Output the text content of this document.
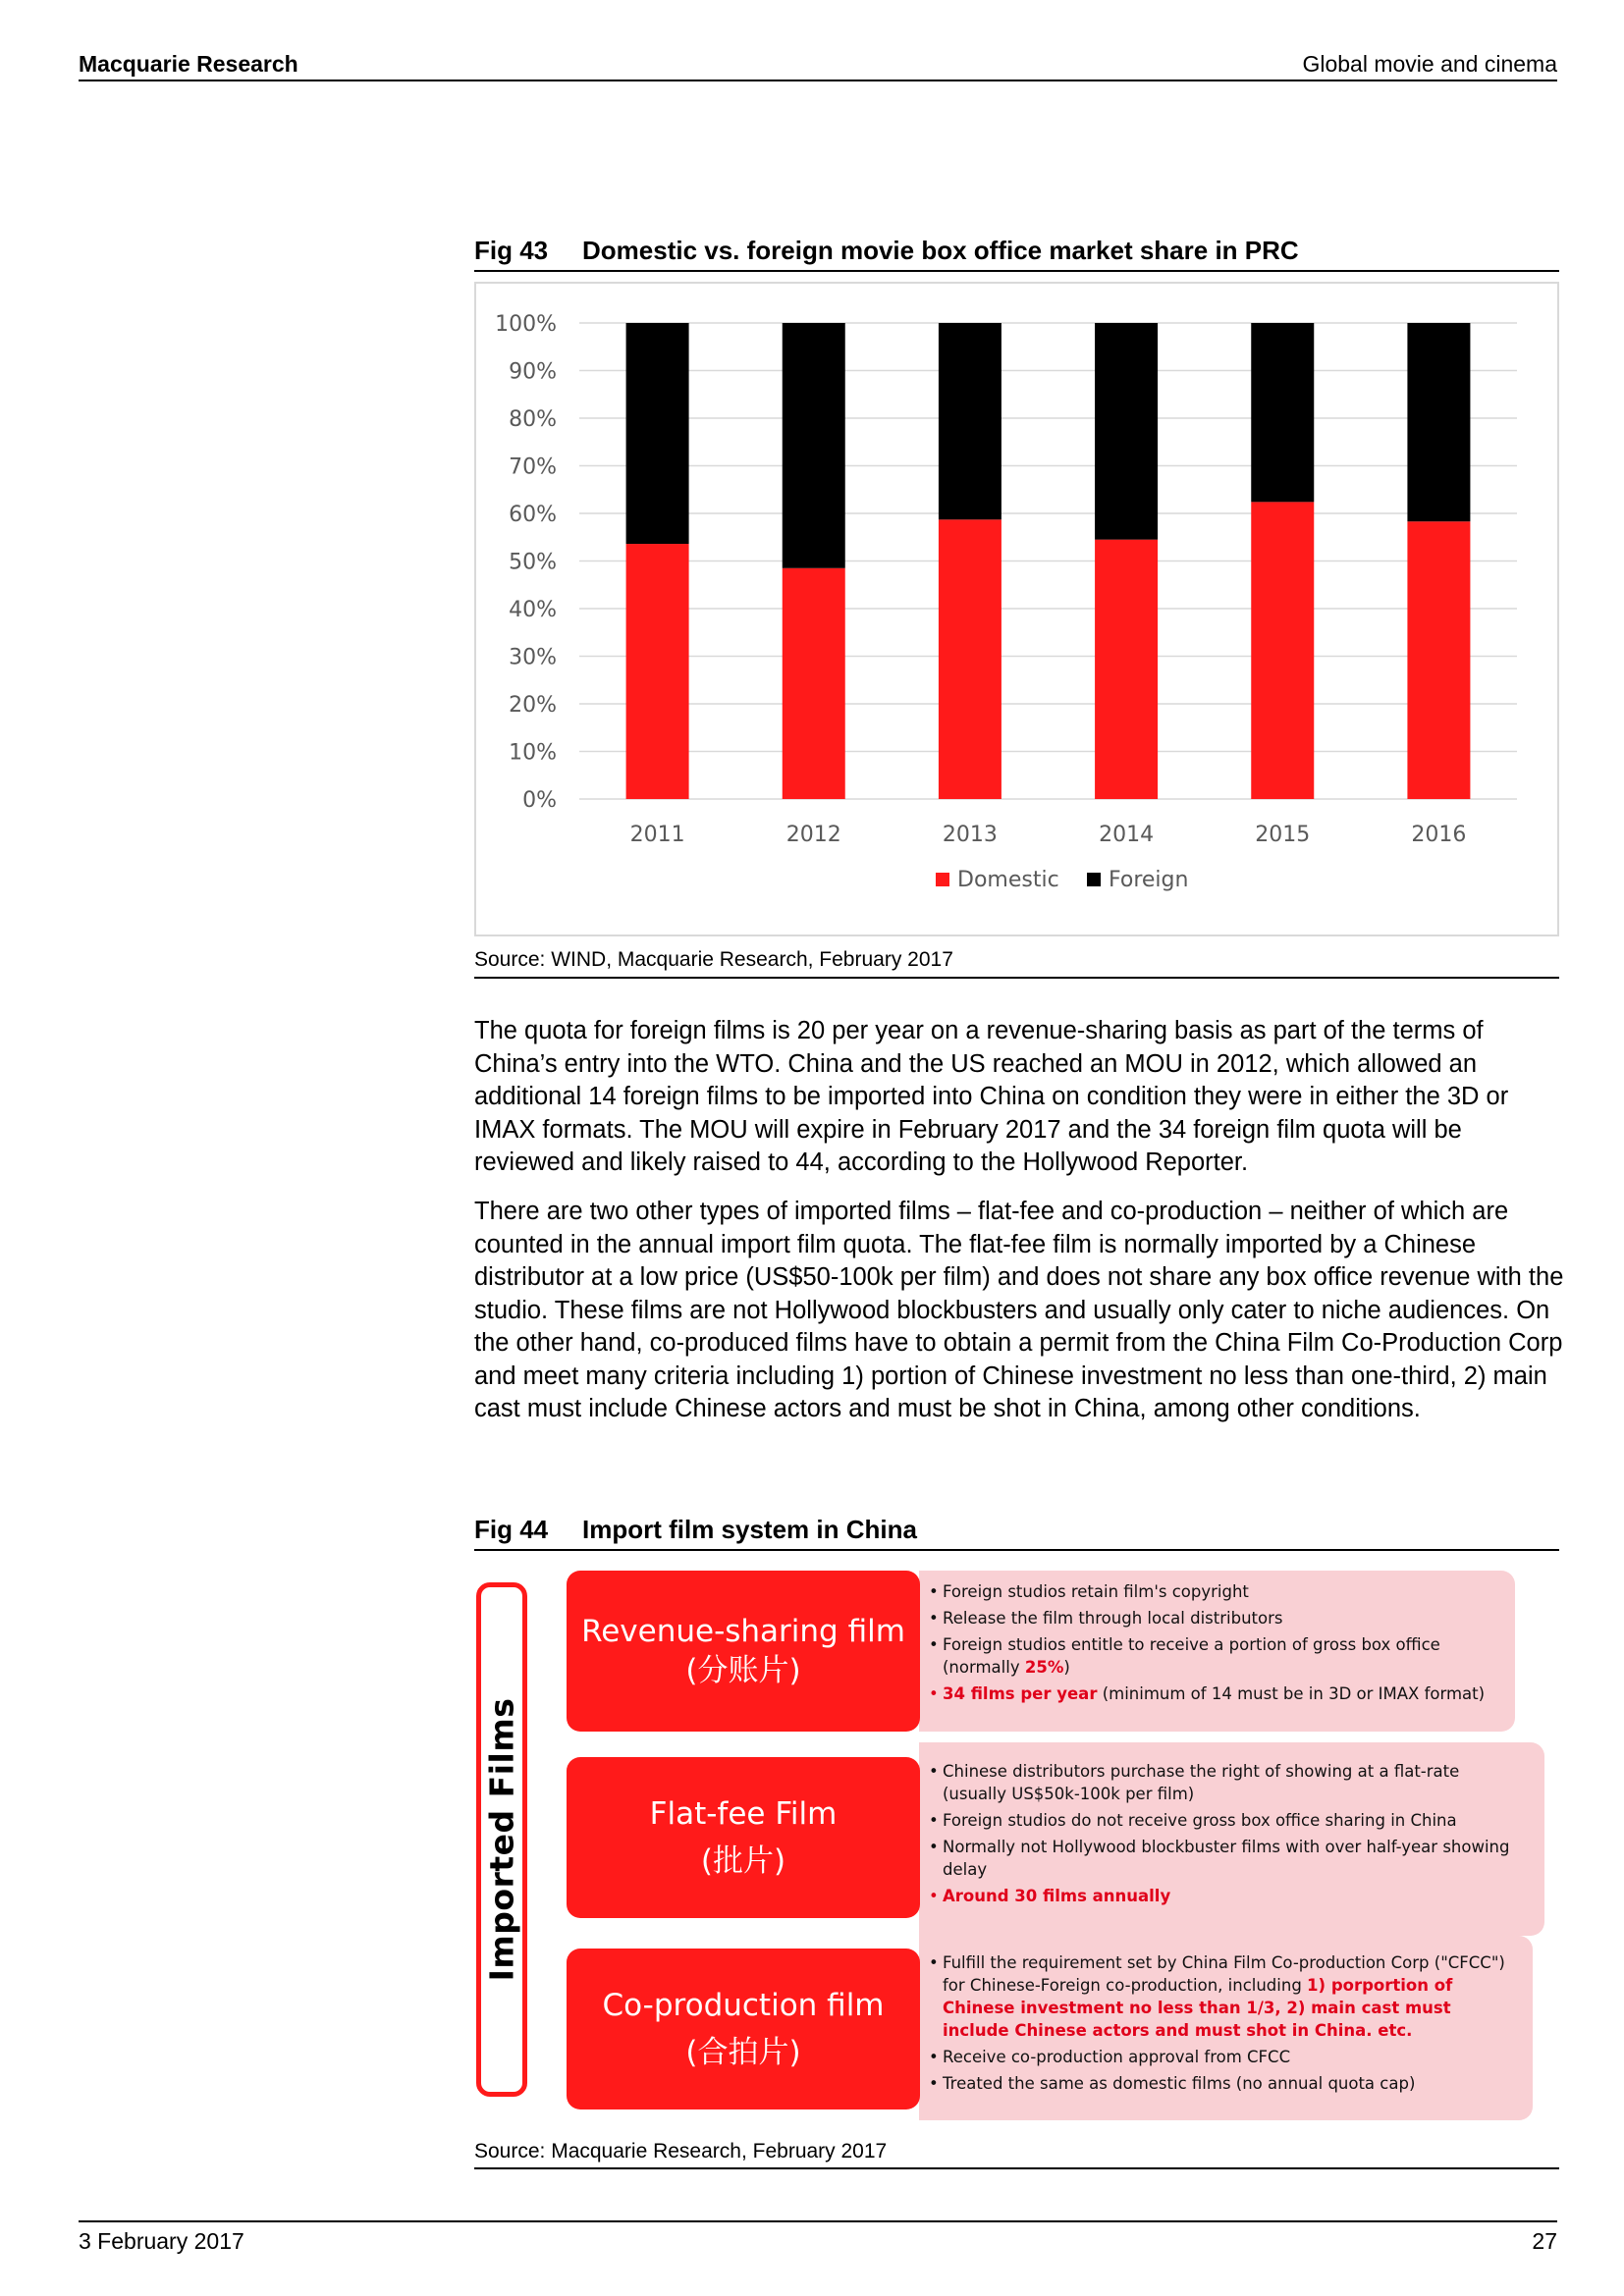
Macquarie Research	Global movie and cinema
Fig 43 Domestic vs. foreign movie box office market share in PRC
0%
10%
20%
30%
40%
50%
60%
70%
80%
90%
100%
2011	2012	2013	2014	2015	2016
Domestic Foreign
Source: WIND, Macquarie Research, February 2017

The quota for foreign films is 20 per year on a revenue-sharing basis as part of the terms of China’s entry into the WTO. China and the US reached an MOU in 2012, which allowed an additional 14 foreign films to be imported into China on condition they were in either the 3D or IMAX formats. The MOU will expire in February 2017 and the 34 foreign film quota will be reviewed and likely raised to 44, according to the Hollywood Reporter.

There are two other types of imported films – flat-fee and co-production – neither of which are counted in the annual import film quota. The flat-fee film is normally imported by a Chinese distributor at a low price (US$50-100k per film) and does not share any box office revenue with the studio. These films are not Hollywood blockbusters and usually only cater to niche audiences. On the other hand, co-produced films have to obtain a permit from the China Film Co-Production Corp and meet many criteria including 1) portion of Chinese investment no less than one-third, 2) main cast must include Chinese actors and must be shot in China, among other conditions.

Fig 44 Import film system in China
Imported Films
• Foreign studios retain film's copyright
• Release the film through local distributors
• Foreign studios entitle to receive a portion of gross box office (normally 25%)
• 34 films per year (minimum of 14 must be in 3D or IMAX format)
Revenue-sharing film
(分账片)
• Chinese distributors purchase the right of showing at a flat-rate (usually US$50k-100k per film)
• Foreign studios do not receive gross box office sharing in China
• Normally not Hollywood blockbuster films with over half-year showing delay
• Around 30 films annually
Flat-fee Film
(批片)
• Fulfill the requirement set by China Film Co-production Corp ("CFCC") for Chinese-Foreign co-production, including 1) porportion of Chinese investment no less than 1/3, 2) main cast must include Chinese actors and must shot in China. etc.
• Receive co-production approval from CFCC
• Treated the same as domestic films (no annual quota cap)
Co-production film
(合拍片)
Source: Macquarie Research, February 2017
3 February 2017	27
